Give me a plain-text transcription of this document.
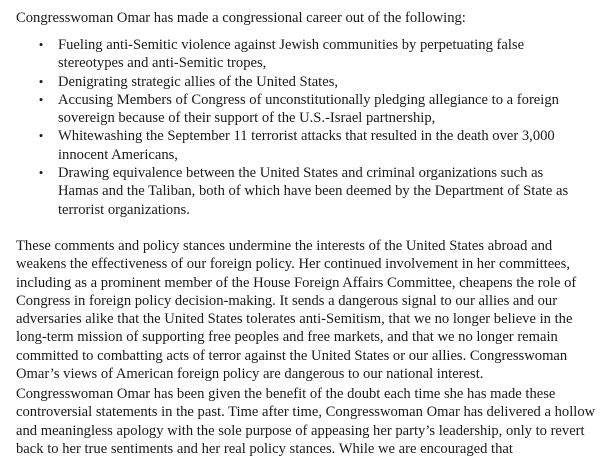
Congresswoman Omar has made a congressional career out of the following:

• Fueling anti-Semitic violence against Jewish communities by perpetuating false stereotypes and anti-Semitic tropes,
• Denigrating strategic allies of the United States,
• Accusing Members of Congress of unconstitutionally pledging allegiance to a foreign sovereign because of their support of the U.S.-Israel partnership,
• Whitewashing the September 11 terrorist attacks that resulted in the death over 3,000 innocent Americans,
• Drawing equivalence between the United States and criminal organizations such as Hamas and the Taliban, both of which have been deemed by the Department of State as terrorist organizations.

These comments and policy stances undermine the interests of the United States abroad and weakens the effectiveness of our foreign policy. Her continued involvement in her committees, including as a prominent member of the House Foreign Affairs Committee, cheapens the role of Congress in foreign policy decision-making. It sends a dangerous signal to our allies and our adversaries alike that the United States tolerates anti-Semitism, that we no longer believe in the long-term mission of supporting free peoples and free markets, and that we no longer remain committed to combatting acts of terror against the United States or our allies. Congresswoman Omar’s views of American foreign policy are dangerous to our national interest.

Congresswoman Omar has been given the benefit of the doubt each time she has made these controversial statements in the past. Time after time, Congresswoman Omar has delivered a hollow and meaningless apology with the sole purpose of appeasing her party’s leadership, only to revert back to her true sentiments and her real policy stances. While we are encouraged that
